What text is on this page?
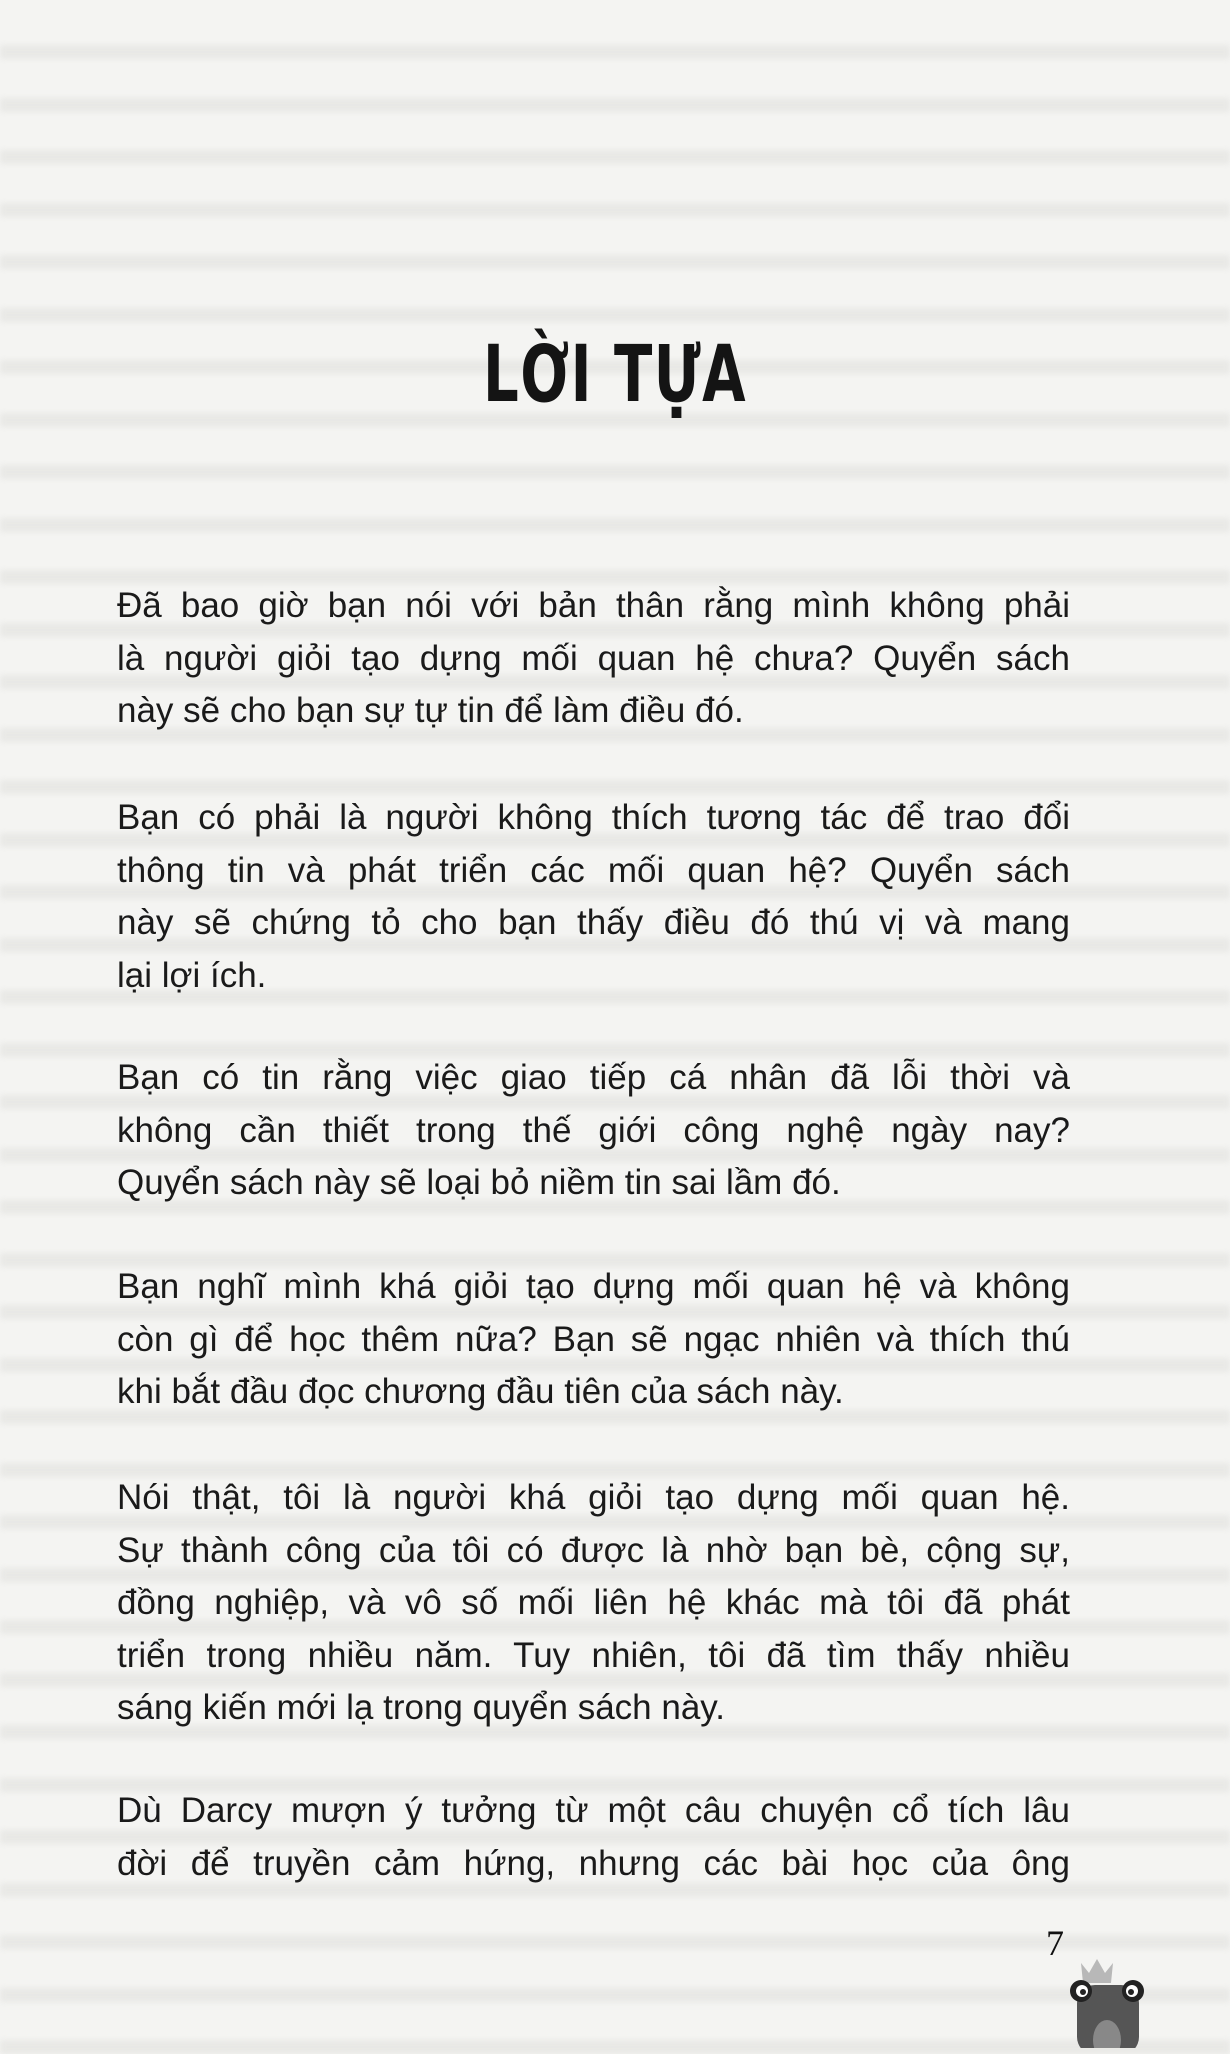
LỜI TỰA
Đã bao giờ bạn nói với bản thân rằng mình không phải
là người giỏi tạo dựng mối quan hệ chưa? Quyển sách
này sẽ cho bạn sự tự tin để làm điều đó.
Bạn có phải là người không thích tương tác để trao đổi
thông tin và phát triển các mối quan hệ? Quyển sách
này sẽ chứng tỏ cho bạn thấy điều đó thú vị và mang
lại lợi ích.
Bạn có tin rằng việc giao tiếp cá nhân đã lỗi thời và
không cần thiết trong thế giới công nghệ ngày nay?
Quyển sách này sẽ loại bỏ niềm tin sai lầm đó.
Bạn nghĩ mình khá giỏi tạo dựng mối quan hệ và không
còn gì để học thêm nữa? Bạn sẽ ngạc nhiên và thích thú
khi bắt đầu đọc chương đầu tiên của sách này.
Nói thật, tôi là người khá giỏi tạo dựng mối quan hệ.
Sự thành công của tôi có được là nhờ bạn bè, cộng sự,
đồng nghiệp, và vô số mối liên hệ khác mà tôi đã phát
triển trong nhiều năm. Tuy nhiên, tôi đã tìm thấy nhiều
sáng kiến mới lạ trong quyển sách này.
Dù Darcy mượn ý tưởng từ một câu chuyện cổ tích lâu
đời để truyền cảm hứng, nhưng các bài học của ông
7
